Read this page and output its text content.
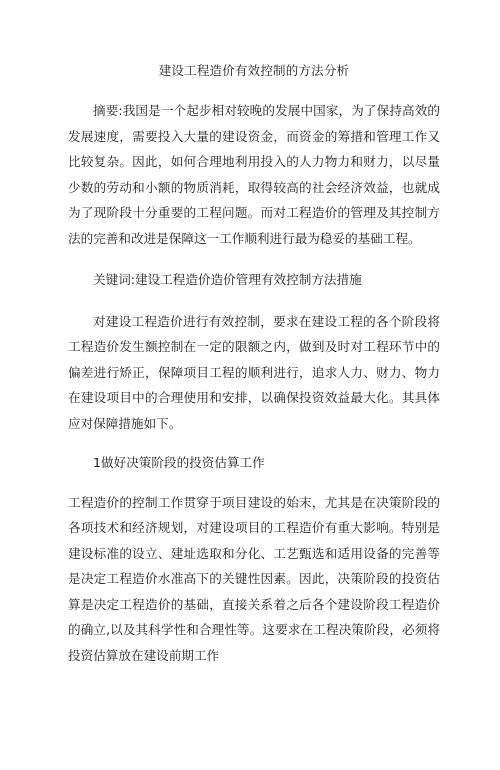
建设工程造价有效控制的方法分析

摘要:我国是一个起步相对较晚的发展中国家，为了保持高效的发展速度，需要投入大量的建设资金，而资金的筹措和管理工作又比较复杂。因此，如何合理地利用投入的人力物力和财力，以尽量少数的劳动和小额的物质消耗，取得较高的社会经济效益，也就成为了现阶段十分重要的工程问题。而对工程造价的管理及其控制方法的完善和改进是保障这一工作顺利进行最为稳妥的基础工程。

关键词:建设工程造价造价管理有效控制方法措施

对建设工程造价进行有效控制，要求在建设工程的各个阶段将工程造价发生额控制在一定的限额之内，做到及时对工程环节中的偏差进行矫正，保障项目工程的顺利进行，追求人力、财力、物力在建设项目中的合理使用和安排，以确保投资效益最大化。其具体应对保障措施如下。

1做好决策阶段的投资估算工作

工程造价的控制工作贯穿于项目建设的始末，尤其是在决策阶段的各项技术和经济规划，对建设项目的工程造价有重大影响。特别是建设标准的设立、建址选取和分化、工艺甄选和适用设备的完善等是决定工程造价水准高下的关键性因素。因此，决策阶段的投资估算是决定工程造价的基础，直接关系着之后各个建设阶段工程造价的确立,以及其科学性和合理性等。这要求在工程决策阶段，必须将投资估算放在建设前期工作
